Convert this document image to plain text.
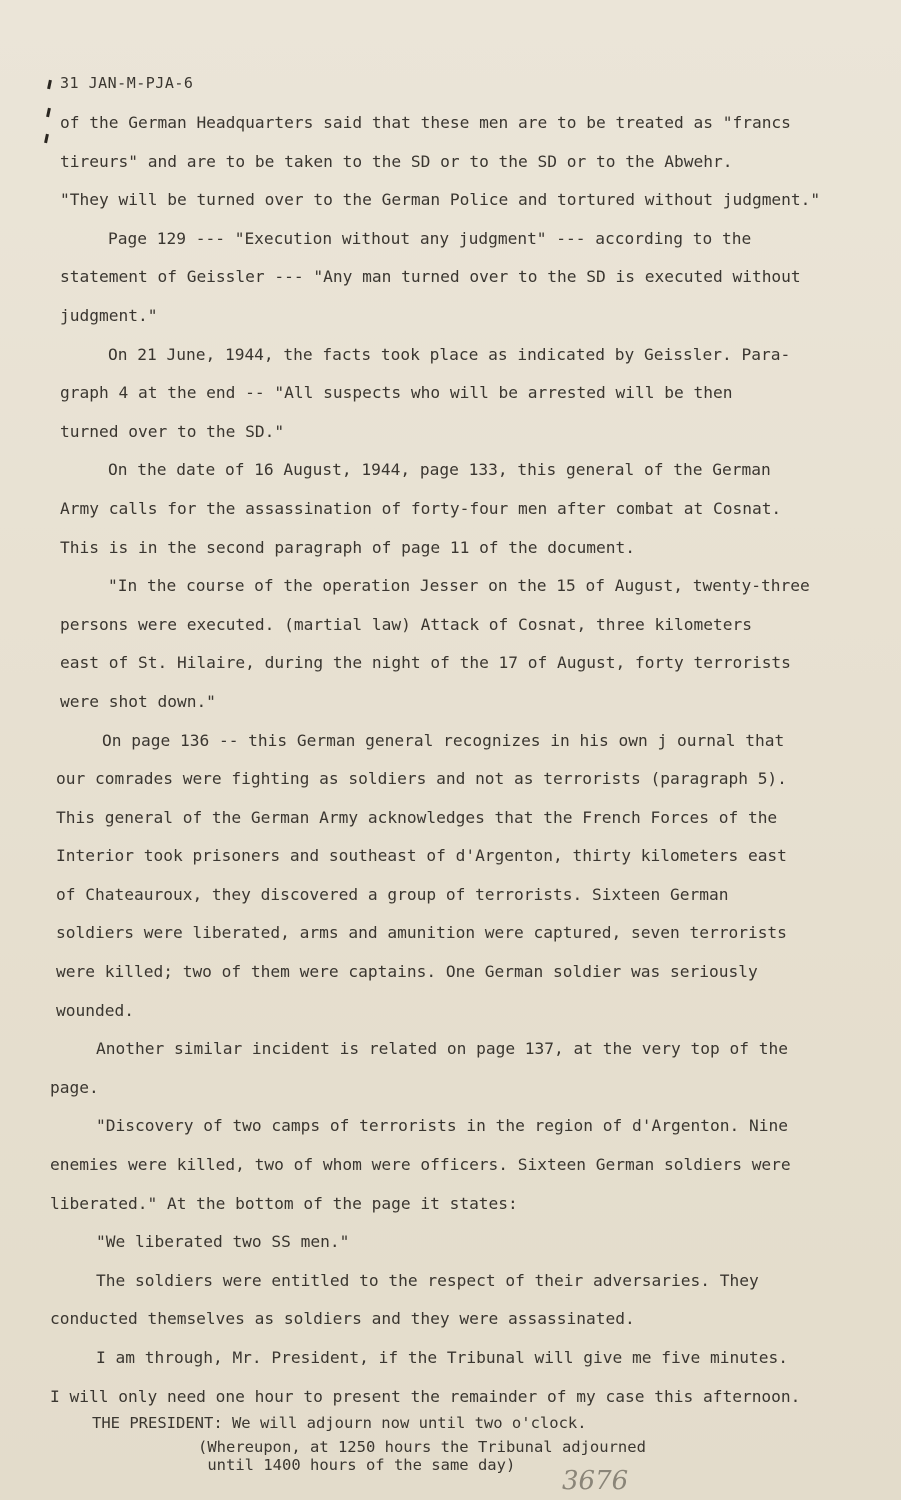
31 JAN-M-PJA-6

of the German Headquarters said that these men are to be treated as "francs

tireurs" and are to be taken to the SD or to the SD or to the Abwehr.

"They will be turned over to the German Police and tortured without judgment."

Page 129 --- "Execution without any judgment" --- according to the

statement of Geissler --- "Any man turned over to the SD is executed without

judgment."

On 21 June, 1944, the facts took place as indicated by Geissler. Para-

graph 4 at the end -- "All suspects who will be arrested will be then

turned over to the SD."

On the date of 16 August, 1944, page 133, this general of the German

Army calls for the assassination of forty-four men after combat at Cosnat.

This is in the second paragraph of page 11 of the document.

"In the course of the operation Jesser on the 15 of August, twenty-three

persons were executed. (martial law) Attack of Cosnat, three kilometers

east of St. Hilaire, during the night of the 17 of August, forty terrorists

were shot down."

On page 136 -- this German general recognizes in his own j ournal that

our comrades were fighting as soldiers and not as terrorists (paragraph 5).

This general of the German Army acknowledges that the French Forces of the

Interior took prisoners and southeast of d'Argenton, thirty kilometers east

of Chateauroux, they discovered a group of terrorists. Sixteen German

soldiers were liberated, arms and amunition were captured, seven terrorists

were killed; two of them were captains. One German soldier was seriously

wounded.

Another similar incident is related on page 137, at the very top of the

page.

"Discovery of two camps of terrorists in the region of d'Argenton. Nine

enemies were killed, two of whom were officers. Sixteen German soldiers were

liberated." At the bottom of the page it states:

"We liberated two SS men."

The soldiers were entitled to the respect of their adversaries. They

conducted themselves as soldiers and they were assassinated.

I am through, Mr. President, if the Tribunal will give me five minutes.

I will only need one hour to present the remainder of my case this afternoon.

THE PRESIDENT: We will adjourn now until two o'clock.
(Whereupon, at 1250 hours the Tribunal adjourned
until 1400 hours of the same day)
3676
